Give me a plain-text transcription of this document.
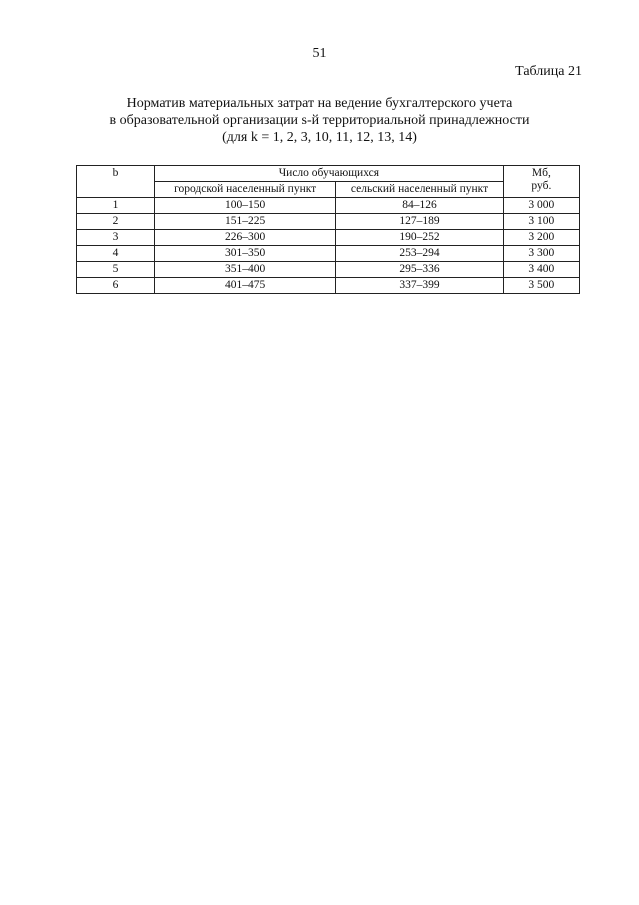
51
Таблица 21
Норматив материальных затрат на ведение бухгалтерского учета
в образовательной организации s-й территориальной принадлежности
(для k = 1, 2, 3, 10, 11, 12, 13, 14)
b	Число обучающихся		Мб,
руб.

	городской населенный пункт	сельский населенный пункт	
1	100–150	84–126	3 000
2	151–225	127–189	3 100
3	226–300	190–252	3 200
4	301–350	253–294	3 300
5	351–400	295–336	3 400
6	401–475	337–399	3 500
